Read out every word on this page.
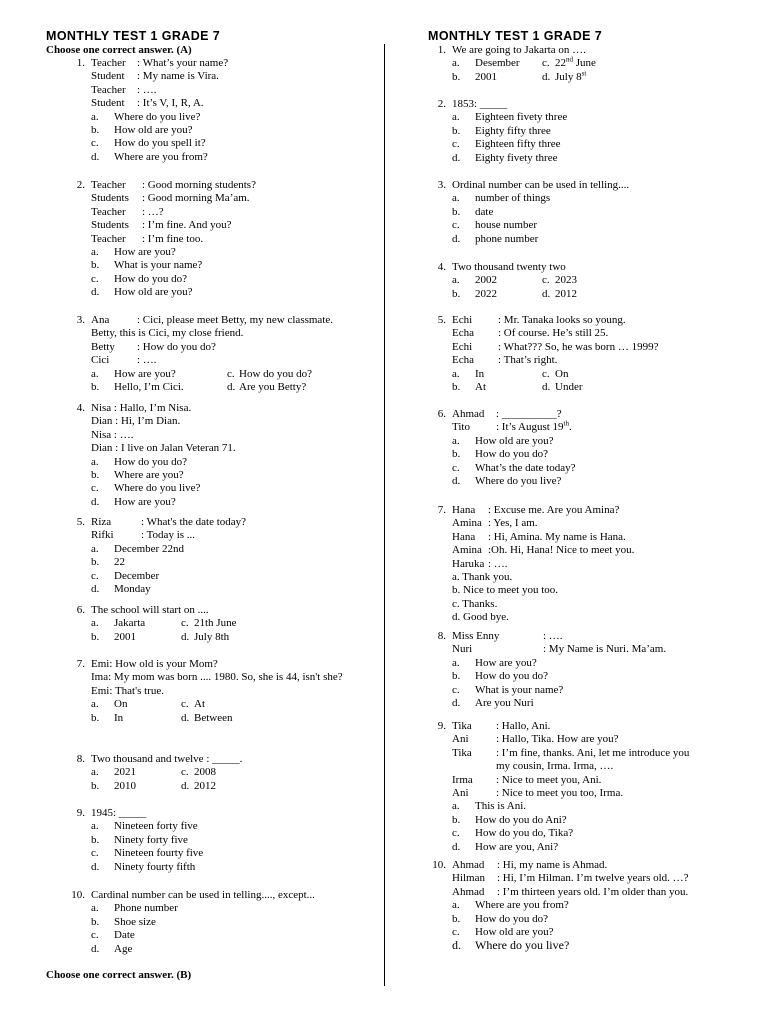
MONTHLY TEST 1 GRADE 7
Choose one correct answer. (A)
1. Teacher : What’s your name?
Student : My name is Vira.
Teacher : ….
Student : It’s V, I, R, A.
a. Where do you live?
b. How old are you?
c. How do you spell it?
d. Where are you from?
2. Teacher : Good morning students?
Students : Good morning Ma’am.
Teacher : …?
Students : I’m fine. And you?
Teacher : I’m fine too.
a. How are you?
b. What is your name?
c. How do you do?
d. How old are you?
3. Ana	: Cici, please meet Betty, my new classmate.
Betty, this is Cici, my close friend.
Betty : How do you do?
Cici	: ….
a. How are you?	c. How do you do?
b. Hello, I’m Cici.	d. Are you Betty?
4. Nisa : Hallo, I’m Nisa.
Dian : Hi, I’m Dian.
Nisa : ….
Dian : I live on Jalan Veteran 71.
a. How do you do?
b. Where are you?
c. Where do you live?
d. How are you?
5. Riza	: What's the date today?
Rifki : Today is ...
a. December 22nd
b. 22
c. December
d. Monday
6. The school will start on ....
a. Jakarta	c. 21th June
b. 2001	d. July 8th
7. Emi: How old is your Mom?
Ima: My mom was born .... 1980. So, she is 44, isn't she?
Emi: That's true.
a. On	c. At
b. In	d. Between
8. Two thousand and twelve : _____.
a. 2021	c. 2008
b. 2010	d. 2012
9. 1945: _____
a. Nineteen forty five
b. Ninety forty five
c. Nineteen fourty five
d. Ninety fourty fifth
10. Cardinal number can be used in telling...., except...
a. Phone number
b. Shoe size
c. Date
d. Age
Choose one correct answer. (B)
MONTHLY TEST 1 GRADE 7
1. We are going to Jakarta on ….
a. Desember c. 22nd June
b. 2001	d. July 8st
2. 1853: _____
a. Eighteen fivety three
b. Eighty fifty three
c. Eighteen fifty three
d. Eighty fivety three
3. Ordinal number can be used in telling....
a. number of things
b. date
c. house number
d. phone number
4. Two thousand twenty two
a. 2002	c. 2023
b. 2022	d. 2012
5. Echi : Mr. Tanaka looks so young.
Echa : Of course. He’s still 25.
Echi : What??? So, he was born … 1999?
Echa : That’s right.
a. In	c. On
b. At	d. Under
6. Ahmad : __________?
Tito : It’s August 19th.
a. How old are you?
b. How do you do?
c. What’s the date today?
d. Where do you live?
7. Hana : Excuse me. Are you Amina?
Amina : Yes, I am.
Hana : Hi, Amina. My name is Hana.
Amina :Oh. Hi, Hana! Nice to meet you.
Haruka : ….
a. Thank you.
b. Nice to meet you too.
c. Thanks.
d. Good bye.
8. Miss Enny	: ….
Nuri	: My Name is Nuri. Ma’am.
a. How are you?
b. How do you do?
c. What is your name?
d. Are you Nuri
9. Tika : Hallo, Ani.
Ani	: Hallo, Tika. How are you?
Tika : I’m fine, thanks. Ani, let me introduce you
my cousin, Irma. Irma, ….
Irma : Nice to meet you, Ani.
Ani	: Nice to meet you too, Irma.
a. This is Ani.
b. How do you do Ani?
c. How do you do, Tika?
d. How are you, Ani?
10. Ahmad : Hi, my name is Ahmad.
Hilman : Hi, I’m Hilman. I’m twelve years old. …?
Ahmad : I’m thirteen years old. I’m older than you.
a. Where are you from?
b. How do you do?
c. How old are you?
d. Where do you live?
